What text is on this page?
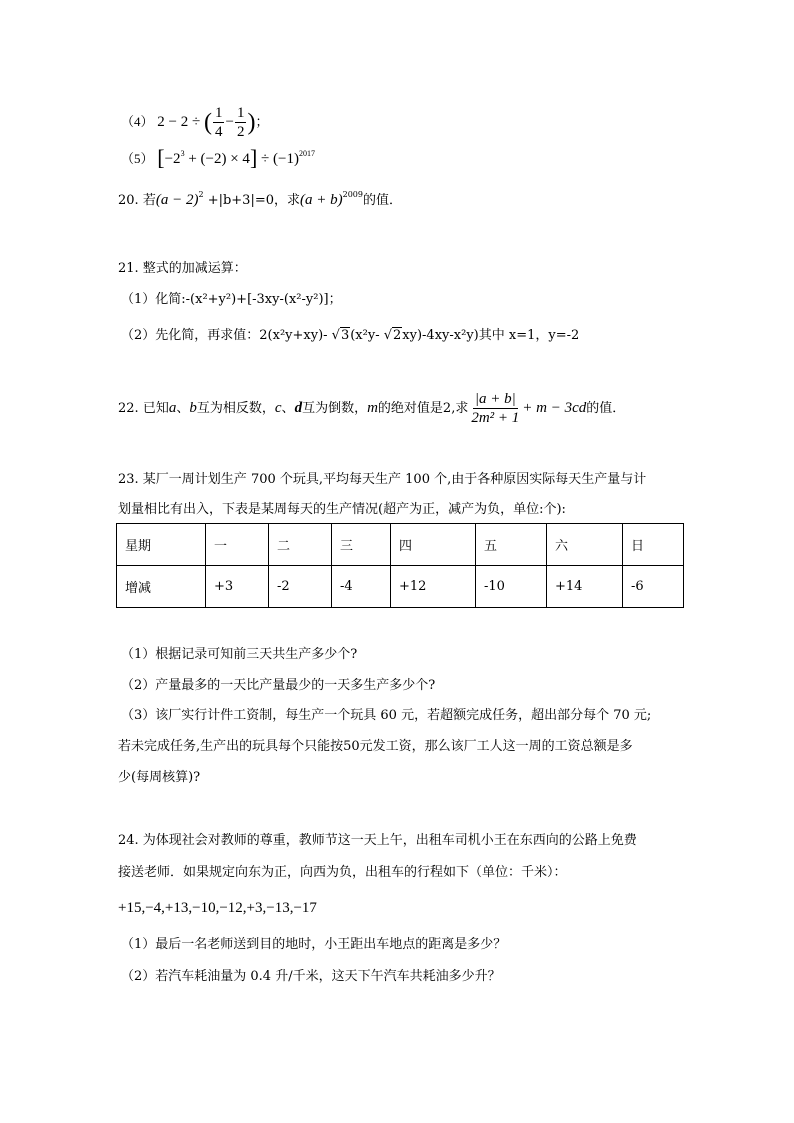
（4） 2 − 2 ÷ ( $\frac{1}{4} - \frac{1}{2}$ )；
（5） $[-2^3 + (-2) \times 4] \div (-1)^{2017}$
20. 若$(a - 2)^2 +|b+3|=0$，求$(a + b)^{2009}$的值．
21. 整式的加减运算：
（1）化简:-(x²+y²)+[-3xy-(x²-y²)]；
（2）先化简，再求值：2(x²y+xy)- √3(x²y- √2xy)-4xy-x²y)其中 x=1，y=-2
22. 已知a、b互为相反数，c、d互为倒数，m的绝对值是2,求 $\frac{|a + b|}{\text{2m² + 1}} + m - 3cd$的值．
23. 某厂一周计划生产 700 个玩具,平均每天生产 100 个,由于各种原因实际每天生产量与计
划量相比有出入，下表是某周每天的生产情况(超产为正，减产为负，单位:个):
星期	一	二	三	四	五	六	日
增减	+3	-2	-4	+12	-10	+14	-6
（1）根据记录可知前三天共生产多少个?
（2）产量最多的一天比产量最少的一天多生产多少个?
（3）该厂实行计件工资制，每生产一个玩具 60 元，若超额完成任务，超出部分每个 70 元;
若未完成任务,生产出的玩具每个只能按50元发工资，那么该厂工人这一周的工资总额是多
少(每周核算)?
24. 为体现社会对教师的尊重，教师节这一天上午，出租车司机小王在东西向的公路上免费
接送老师．如果规定向东为正，向西为负，出租车的行程如下（单位：千米）：
+15,−4,+13,−10,−12,+3,−13,−17
（1）最后一名老师送到目的地时，小王距出车地点的距离是多少？
（2）若汽车耗油量为 0.4 升/千米，这天下午汽车共耗油多少升？
